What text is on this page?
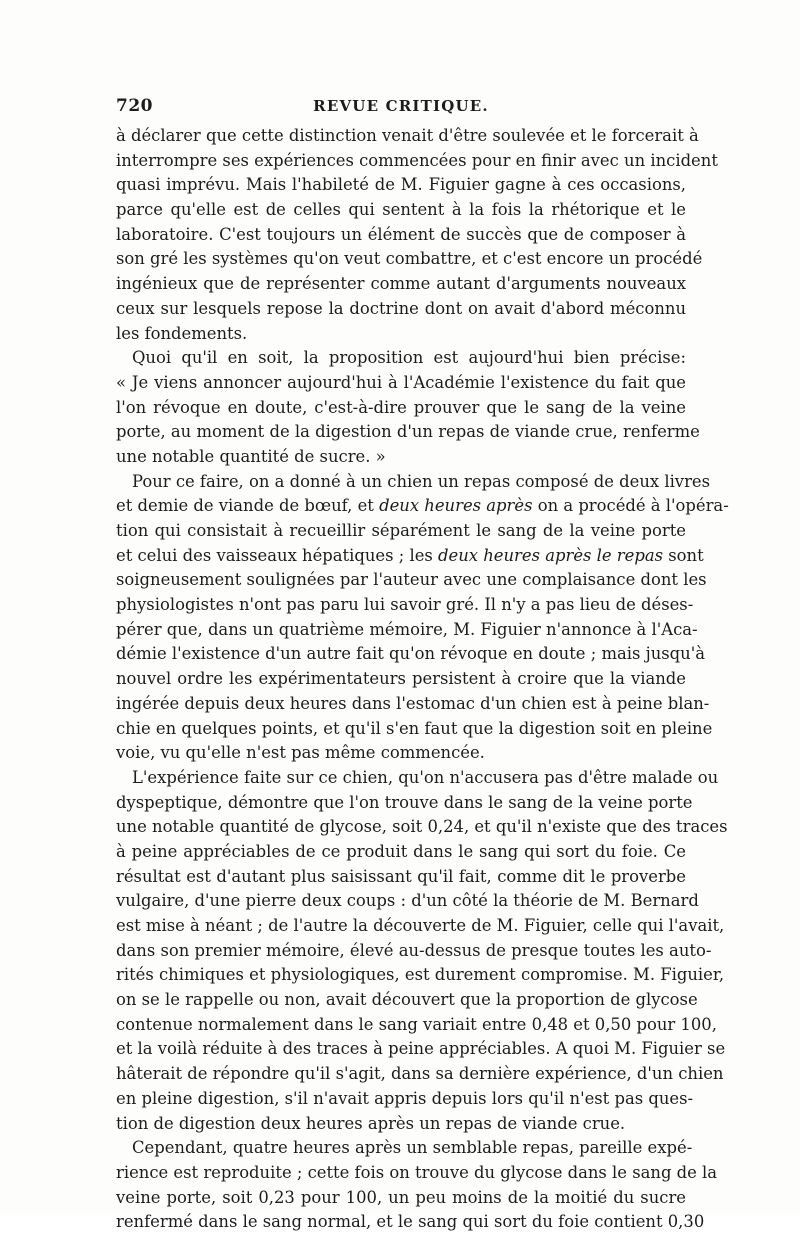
720	REVUE CRITIQUE.
à déclarer que cette distinction venait d'être soulevée et le forcerait à
interrompre ses expériences commencées pour en finir avec un incident
quasi imprévu. Mais l'habileté de M. Figuier gagne à ces occasions,
parce qu'elle est de celles qui sentent à la fois la rhétorique et le
laboratoire. C'est toujours un élément de succès que de composer à
son gré les systèmes qu'on veut combattre, et c'est encore un procédé
ingénieux que de représenter comme autant d'arguments nouveaux
ceux sur lesquels repose la doctrine dont on avait d'abord méconnu
les fondements.
Quoi qu'il en soit, la proposition est aujourd'hui bien précise:
« Je viens annoncer aujourd'hui à l'Académie l'existence du fait que
l'on révoque en doute, c'est-à-dire prouver que le sang de la veine
porte, au moment de la digestion d'un repas de viande crue, renferme
une notable quantité de sucre. »
Pour ce faire, on a donné à un chien un repas composé de deux livres
et demie de viande de bœuf, et deux heures après on a procédé à l'opéra-
tion qui consistait à recueillir séparément le sang de la veine porte
et celui des vaisseaux hépatiques ; les deux heures après le repas sont
soigneusement soulignées par l'auteur avec une complaisance dont les
physiologistes n'ont pas paru lui savoir gré. Il n'y a pas lieu de déses-
pérer que, dans un quatrième mémoire, M. Figuier n'annonce à l'Aca-
démie l'existence d'un autre fait qu'on révoque en doute ; mais jusqu'à
nouvel ordre les expérimentateurs persistent à croire que la viande
ingérée depuis deux heures dans l'estomac d'un chien est à peine blan-
chie en quelques points, et qu'il s'en faut que la digestion soit en pleine
voie, vu qu'elle n'est pas même commencée.
L'expérience faite sur ce chien, qu'on n'accusera pas d'être malade ou
dyspeptique, démontre que l'on trouve dans le sang de la veine porte
une notable quantité de glycose, soit 0,24, et qu'il n'existe que des traces
à peine appréciables de ce produit dans le sang qui sort du foie. Ce
résultat est d'autant plus saisissant qu'il fait, comme dit le proverbe
vulgaire, d'une pierre deux coups : d'un côté la théorie de M. Bernard
est mise à néant ; de l'autre la découverte de M. Figuier, celle qui l'avait,
dans son premier mémoire, élevé au-dessus de presque toutes les auto-
rités chimiques et physiologiques, est durement compromise. M. Figuier,
on se le rappelle ou non, avait découvert que la proportion de glycose
contenue normalement dans le sang variait entre 0,48 et 0,50 pour 100,
et la voilà réduite à des traces à peine appréciables. A quoi M. Figuier se
hâterait de répondre qu'il s'agit, dans sa dernière expérience, d'un chien
en pleine digestion, s'il n'avait appris depuis lors qu'il n'est pas ques-
tion de digestion deux heures après un repas de viande crue.
Cependant, quatre heures après un semblable repas, pareille expé-
rience est reproduite ; cette fois on trouve du glycose dans le sang de la
veine porte, soit 0,23 pour 100, un peu moins de la moitié du sucre
renfermé dans le sang normal, et le sang qui sort du foie contient 0,30
